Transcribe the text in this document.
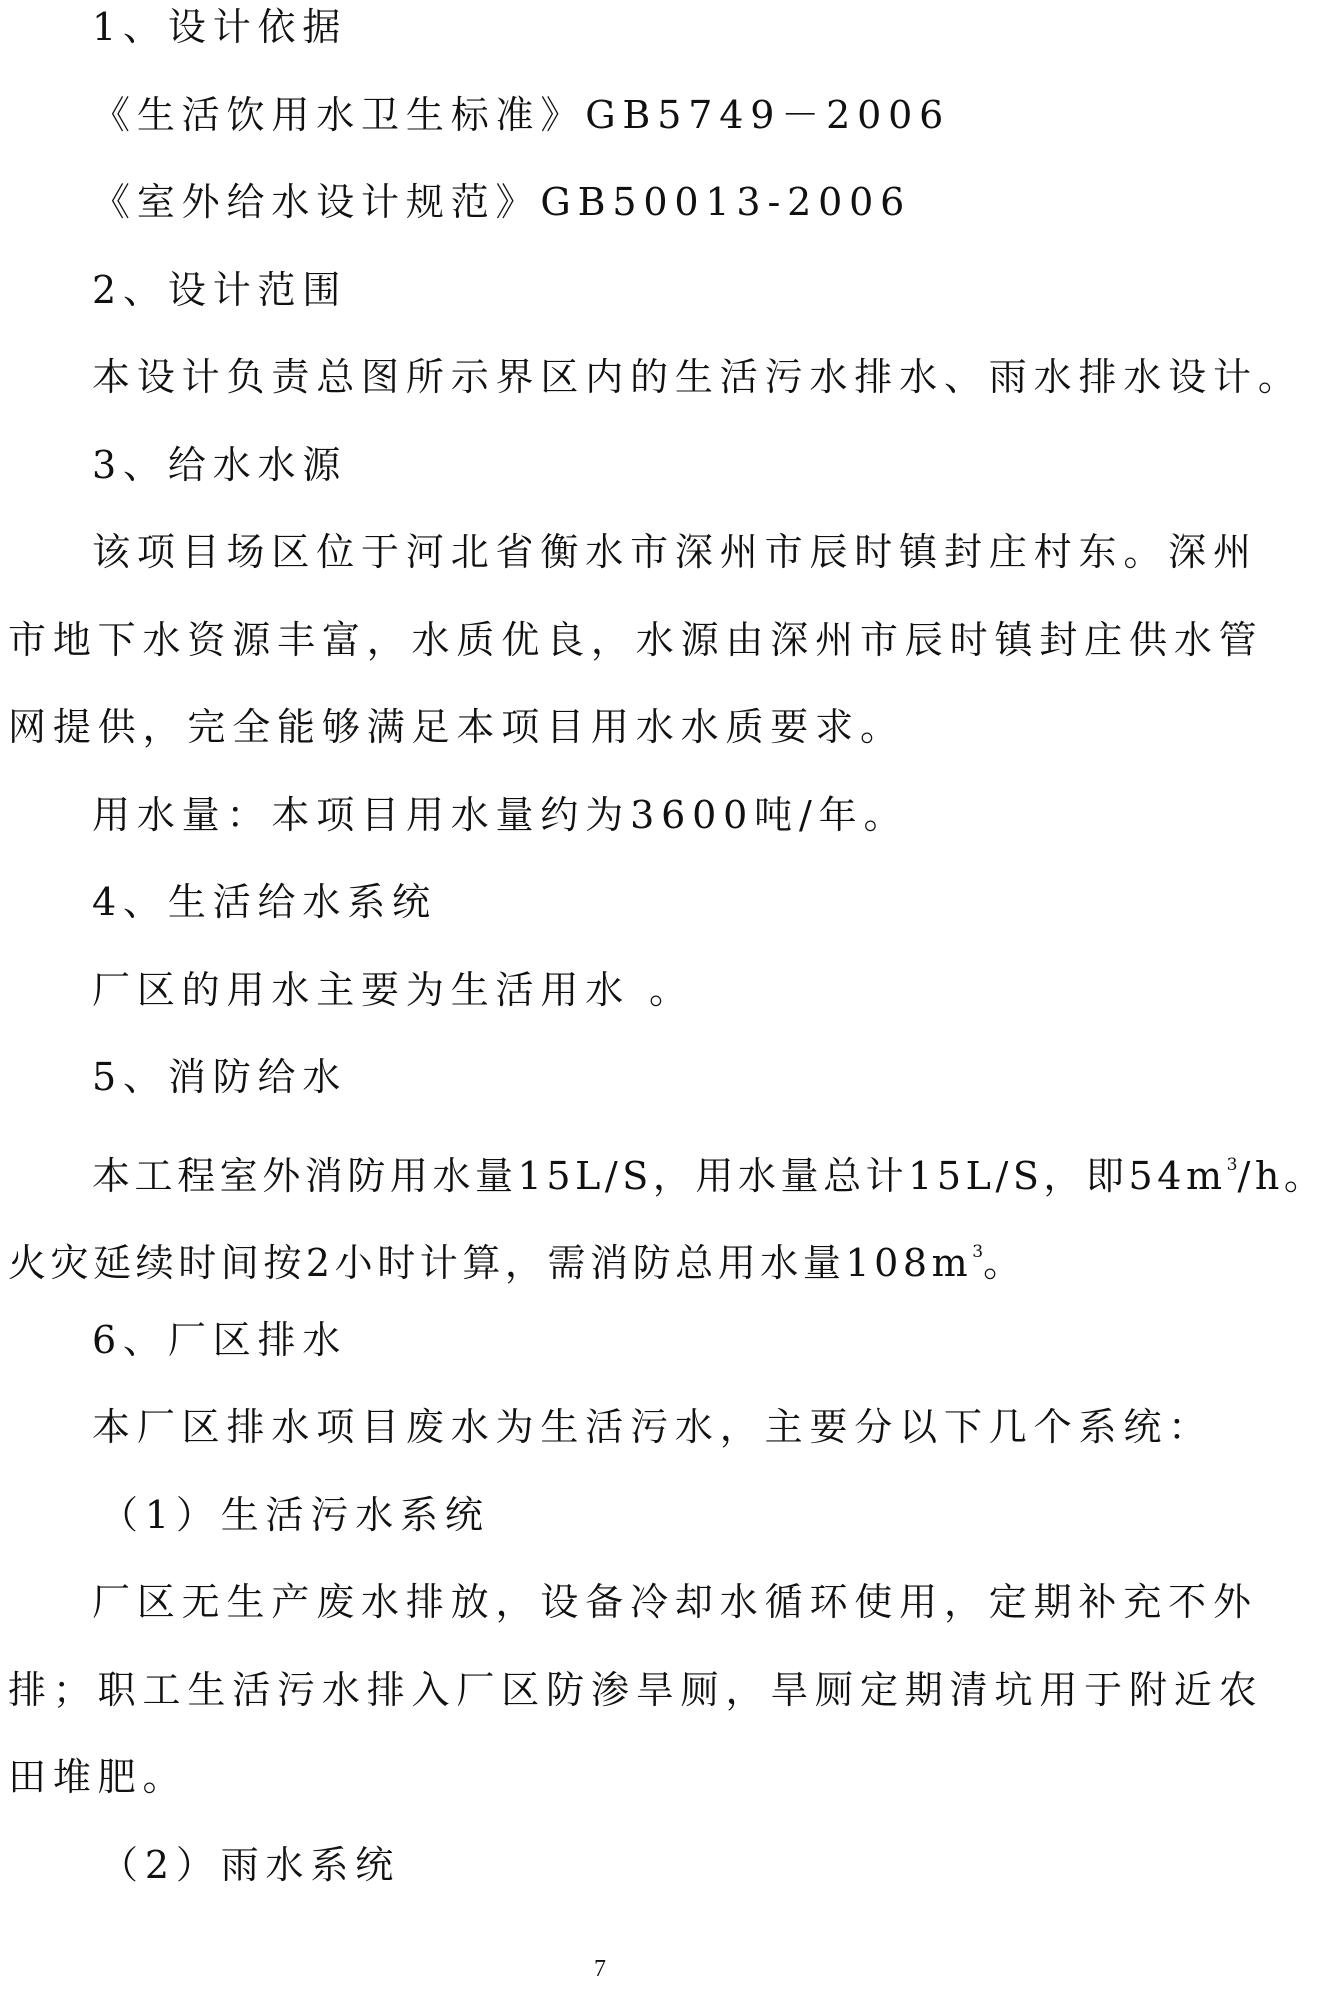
1、设计依据
《生活饮用水卫生标准》GB5749－2006
《室外给水设计规范》GB50013-2006
2、设计范围
本设计负责总图所示界区内的生活污水排水、雨水排水设计。
3、给水水源
该项目场区位于河北省衡水市深州市辰时镇封庄村东。深州
市地下水资源丰富，水质优良，水源由深州市辰时镇封庄供水管
网提供，完全能够满足本项目用水水质要求。
用水量：本项目用水量约为3600吨/年。
4、生活给水系统
厂区的用水主要为生活用水 。
5、消防给水
本工程室外消防用水量15L/S，用水量总计15L/S，即$54m^3/h$。
火灾延续时间按2小时计算，需消防总用水量$108m^3$。
6、厂区排水
本厂区排水项目废水为生活污水，主要分以下几个系统：
（1）生活污水系统
厂区无生产废水排放，设备冷却水循环使用，定期补充不外
排；职工生活污水排入厂区防渗旱厕，旱厕定期清坑用于附近农
田堆肥。
（2）雨水系统
7
